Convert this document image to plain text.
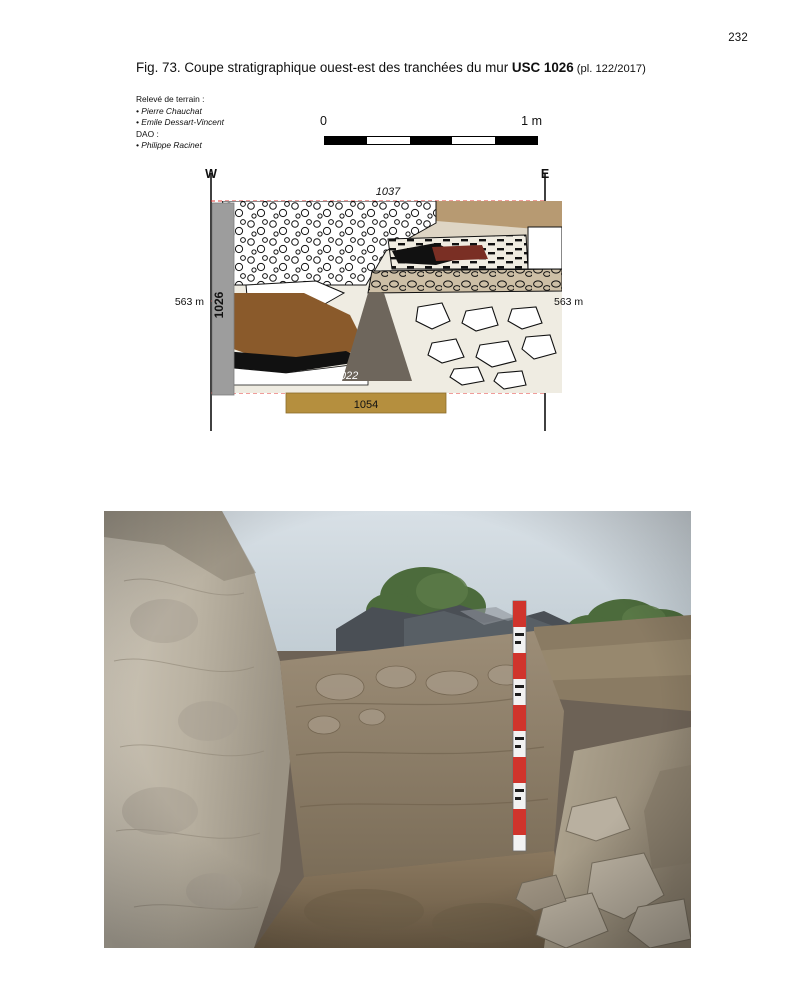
232
Fig. 73. Coupe stratigraphique ouest-est des tranchées du mur USC 1026 (pl. 122/2017)
Relevé de terrain :
• Pierre Chauchat
• Emile Dessart-Vincent
DAO :
• Philippe Racinet
0	1 m
W	E
563 m	563 m
1026
1037
1022
1054
